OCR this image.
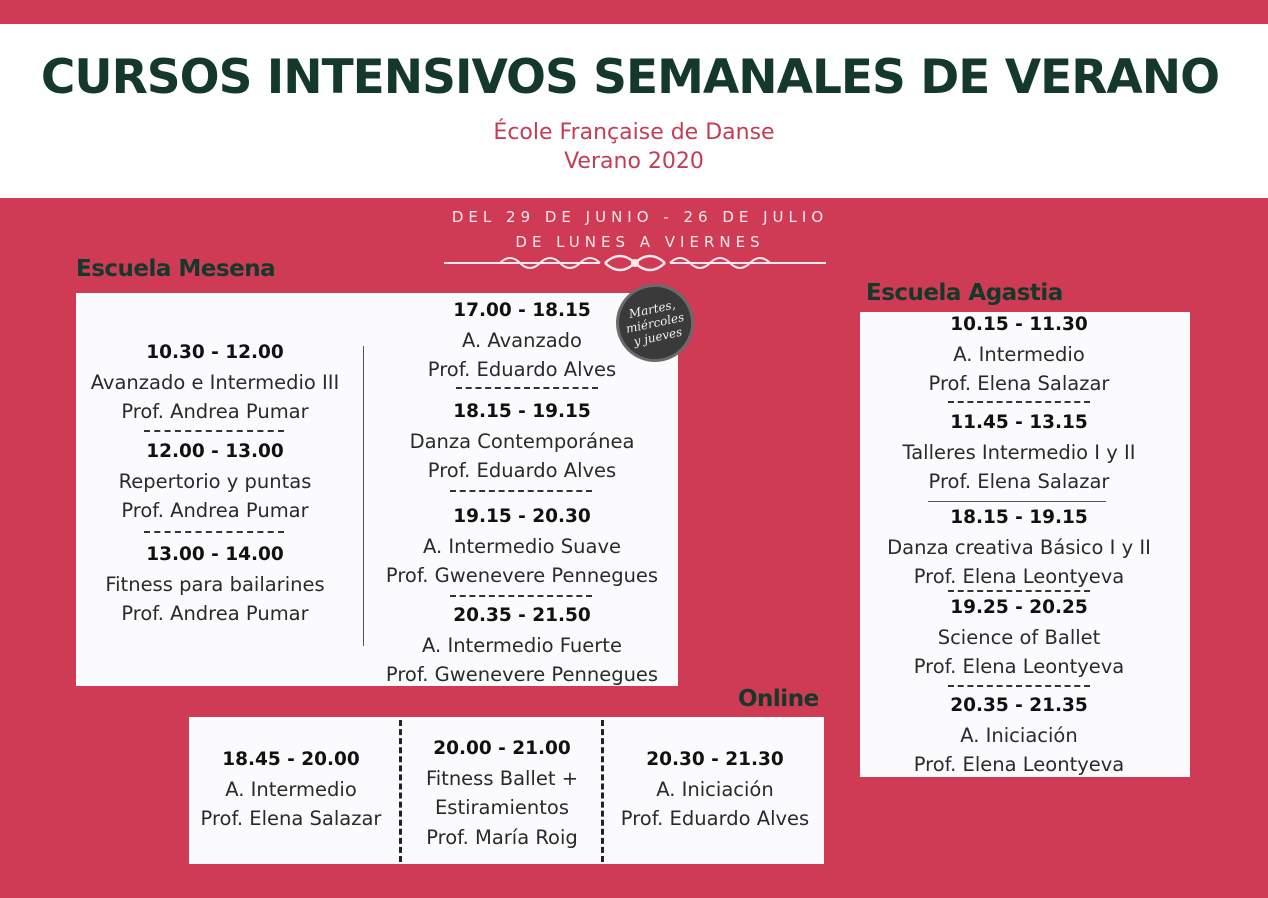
CURSOS INTENSIVOS SEMANALES DE VERANO
École Française de Danse
Verano 2020
DEL 29 DE JUNIO - 26 DE JULIO
DE LUNES A VIERNES
Escuela Mesena
10.30 - 12.00
Avanzado e Intermedio III
Prof. Andrea Pumar
12.00 - 13.00
Repertorio y puntas
Prof. Andrea Pumar
13.00 - 14.00
Fitness para bailarines
Prof. Andrea Pumar
17.00 - 18.15
A. Avanzado
Prof. Eduardo Alves
18.15 - 19.15
Danza Contemporánea
Prof. Eduardo Alves
19.15 - 20.30
A. Intermedio Suave
Prof. Gwenevere Pennegues
20.35 - 21.50
A. Intermedio Fuerte
Prof. Gwenevere Pennegues
Martes,
miércoles
y jueves
Escuela Agastia
10.15 - 11.30
A. Intermedio
Prof. Elena Salazar
11.45 - 13.15
Talleres Intermedio I y II
Prof. Elena Salazar
18.15 - 19.15
Danza creativa Básico I y II
Prof. Elena Leontyeva
19.25 - 20.25
Science of Ballet
Prof. Elena Leontyeva
20.35 - 21.35
A. Iniciación
Prof. Elena Leontyeva
Online
18.45 - 20.00
A. Intermedio
Prof. Elena Salazar
20.00 - 21.00
Fitness Ballet +
Estiramientos
Prof. María Roig
20.30 - 21.30
A. Iniciación
Prof. Eduardo Alves
